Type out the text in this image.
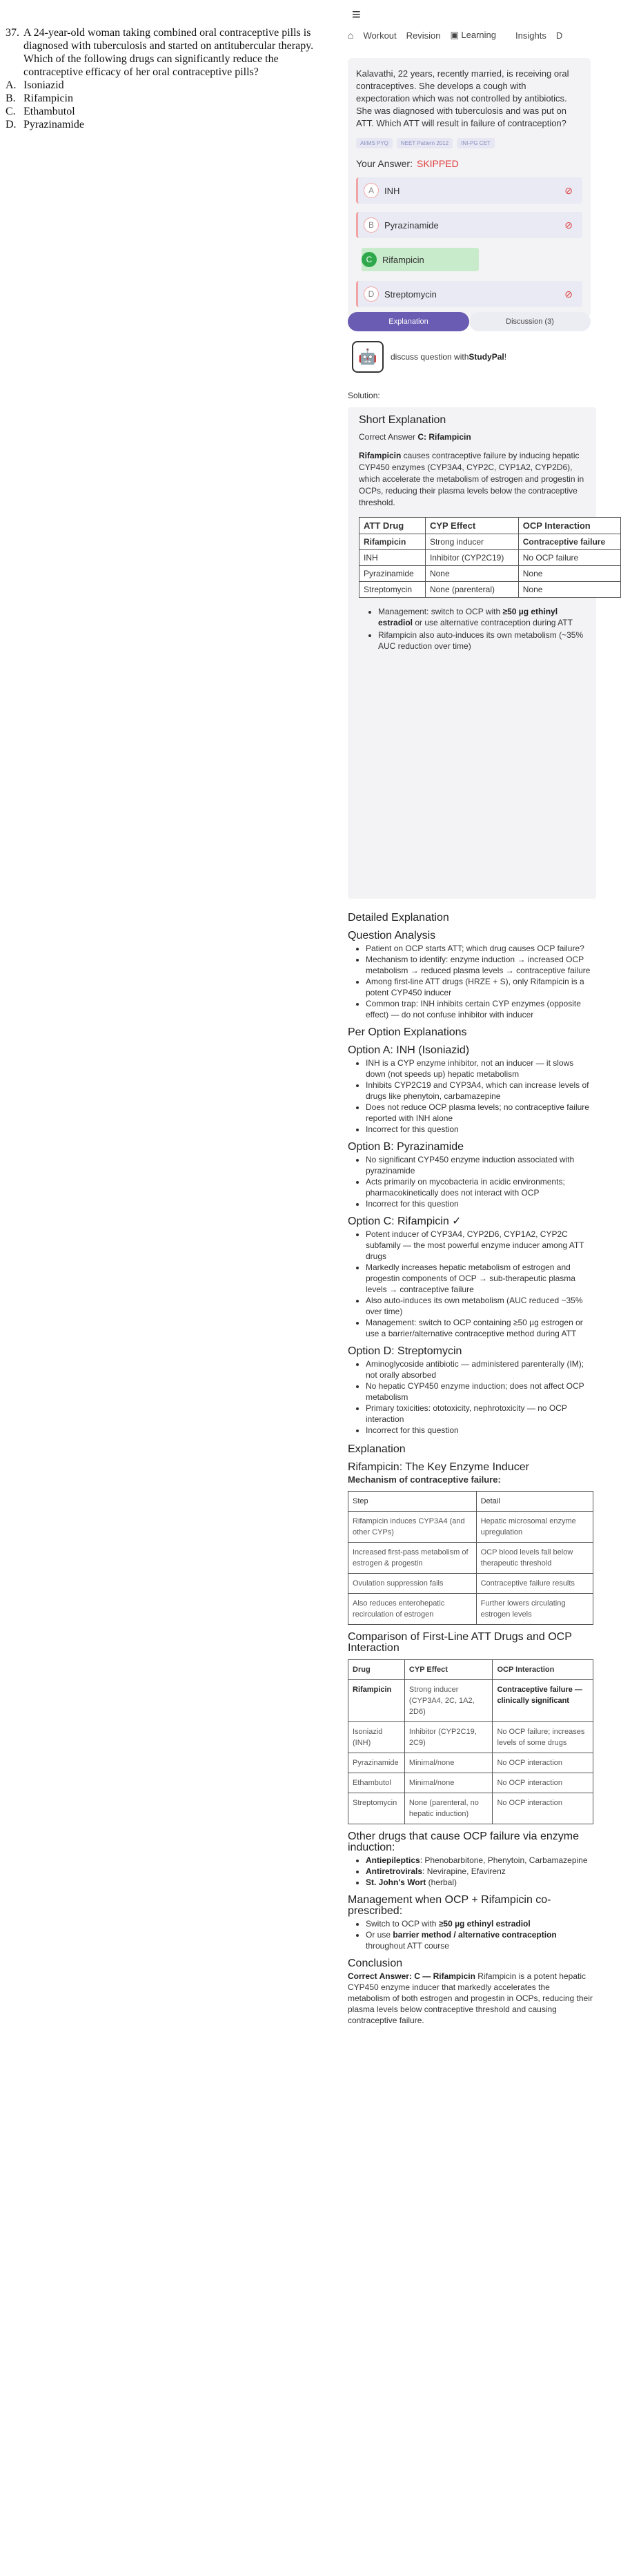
37. A 24-year-old woman taking combined oral contraceptive pills is diagnosed with tuberculosis and started on antitubercular therapy. Which of the following drugs can significantly reduce the contraceptive efficacy of her oral contraceptive pills?
A. Isoniazid
B. Rifampicin
C. Ethambutol
D. Pyrazinamide
≡
⌂ Workout Revision ▣ Learning	Insights D
Kalavathi, 22 years, recently married, is receiving oral contraceptives. She develops a cough with expectoration which was not controlled by antibiotics. She was diagnosed with tuberculosis and was put on ATT. Which ATT will result in failure of contraception?
AIIMS PYQ	NEET Pattern 2012	INI-PG CET
Your Answer: SKIPPED
A	INH	⊘
B	Pyrazinamide	⊘
C	Rifampicin
D	Streptomycin	⊘
Explanation	Discussion (3)
🤖	discuss question with StudyPal !
Solution:
Short Explanation
Correct Answer C: Rifampicin

Rifampicin causes contraceptive failure by inducing hepatic CYP450 enzymes (CYP3A4, CYP2C, CYP1A2, CYP2D6), which accelerate the metabolism of estrogen and progestin in OCPs, reducing their plasma levels below the contraceptive threshold.

ATT Drug	CYP Effect	OCP Interaction
Rifampicin	Strong inducer	Contraceptive failure
INH	Inhibitor (CYP2C19)	No OCP failure
Pyrazinamide	None	None
Streptomycin	None (parenteral)	None
• Management: switch to OCP with ≥50 µg ethinyl estradiol or use alternative contraception during ATT
• Rifampicin also auto-induces its own metabolism (~35% AUC reduction over time)
Detailed Explanation
Question Analysis
• Patient on OCP starts ATT; which drug causes OCP failure?
• Mechanism to identify: enzyme induction → increased OCP metabolism → reduced plasma levels → contraceptive failure
• Among first-line ATT drugs (HRZE + S), only Rifampicin is a potent CYP450 inducer
• Common trap: INH inhibits certain CYP enzymes (opposite effect) — do not confuse inhibitor with inducer
Per Option Explanations
Option A: INH (Isoniazid)
• INH is a CYP enzyme inhibitor, not an inducer — it slows down (not speeds up) hepatic metabolism
• Inhibits CYP2C19 and CYP3A4, which can increase levels of drugs like phenytoin, carbamazepine
• Does not reduce OCP plasma levels; no contraceptive failure reported with INH alone
• Incorrect for this question
Option B: Pyrazinamide
• No significant CYP450 enzyme induction associated with pyrazinamide
• Acts primarily on mycobacteria in acidic environments; pharmacokinetically does not interact with OCP
• Incorrect for this question
Option C: Rifampicin ✓
• Potent inducer of CYP3A4, CYP2D6, CYP1A2, CYP2C subfamily — the most powerful enzyme inducer among ATT drugs
• Markedly increases hepatic metabolism of estrogen and progestin components of OCP → sub-therapeutic plasma levels → contraceptive failure
• Also auto-induces its own metabolism (AUC reduced ~35% over time)
• Management: switch to OCP containing ≥50 µg estrogen or use a barrier/alternative contraceptive method during ATT
Option D: Streptomycin
• Aminoglycoside antibiotic — administered parenterally (IM); not orally absorbed
• No hepatic CYP450 enzyme induction; does not affect OCP metabolism
• Primary toxicities: ototoxicity, nephrotoxicity — no OCP interaction
• Incorrect for this question
Explanation
Rifampicin: The Key Enzyme Inducer
Mechanism of contraceptive failure:
Step	Detail
Rifampicin induces CYP3A4 (and other CYPs)	Hepatic microsomal enzyme upregulation
Increased first-pass metabolism of estrogen & progestin	OCP blood levels fall below therapeutic threshold
Ovulation suppression fails	Contraceptive failure results
Also reduces enterohepatic recirculation of estrogen	Further lowers circulating estrogen levels
Comparison of First-Line ATT Drugs and OCP Interaction
Drug	CYP Effect	OCP Interaction
Rifampicin	Strong inducer (CYP3A4, 2C, 1A2, 2D6)	Contraceptive failure — clinically significant
Isoniazid (INH)	Inhibitor (CYP2C19, 2C9)	No OCP failure; increases levels of some drugs
Pyrazinamide	Minimal/none	No OCP interaction
Ethambutol	Minimal/none	No OCP interaction
Streptomycin	None (parenteral, no hepatic induction)	No OCP interaction
Other drugs that cause OCP failure via enzyme induction:
• Antiepileptics: Phenobarbitone, Phenytoin, Carbamazepine
• Antiretrovirals: Nevirapine, Efavirenz
• St. John's Wort (herbal)
Management when OCP + Rifampicin co-prescribed:
• Switch to OCP with ≥50 µg ethinyl estradiol
• Or use barrier method / alternative contraception throughout ATT course
Conclusion

Correct Answer: C — Rifampicin Rifampicin is a potent hepatic CYP450 enzyme inducer that markedly accelerates the metabolism of both estrogen and progestin in OCPs, reducing their plasma levels below contraceptive threshold and causing contraceptive failure.
